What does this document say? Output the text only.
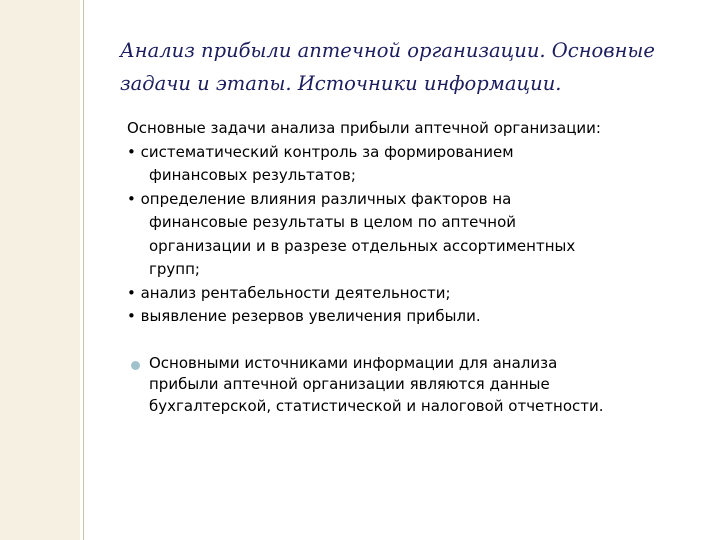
Анализ прибыли аптечной организации. Основные
задачи и этапы. Источники информации.

Основные задачи анализа прибыли аптечной организации:

• систематический контроль за формированием

финансовых результатов;

• определение влияния различных факторов на

финансовые результаты в целом по аптечной

организации и в разрезе отдельных ассортиментных

групп;

• анализ рентабельности деятельности;

• выявление резервов увеличения прибыли.

Основными источниками информации для анализа

прибыли аптечной организации являются данные

бухгалтерской, статистической и налоговой отчетности.
